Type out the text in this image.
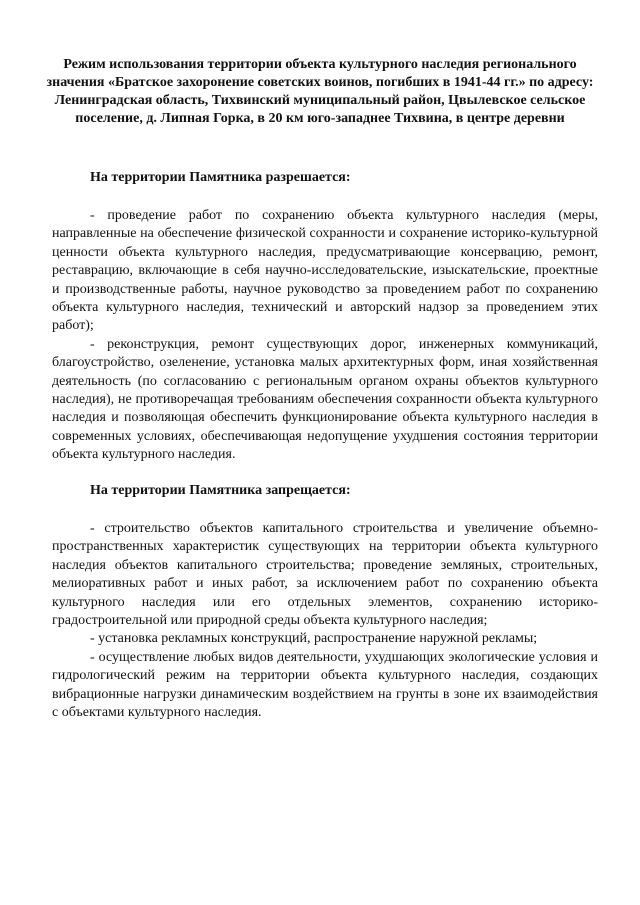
Режим использования территории объекта культурного наследия регионального значения «Братское захоронение советских воинов, погибших в 1941-44 гг.» по адресу: Ленинградская область, Тихвинский муниципальный район, Цвылевское сельское поселение, д. Липная Горка, в 20 км юго-западнее Тихвина, в центре деревни
На территории Памятника разрешается:

- проведение работ по сохранению объекта культурного наследия (меры, направленные на обеспечение физической сохранности и сохранение историко-культурной ценности объекта культурного наследия, предусматривающие консервацию, ремонт, реставрацию, включающие в себя научно-исследовательские, изыскательские, проектные и производственные работы, научное руководство за проведением работ по сохранению объекта культурного наследия, технический и авторский надзор за проведением этих работ);

- реконструкция, ремонт существующих дорог, инженерных коммуникаций, благоустройство, озеленение, установка малых архитектурных форм, иная хозяйственная деятельность (по согласованию с региональным органом охраны объектов культурного наследия), не противоречащая требованиям обеспечения сохранности объекта культурного наследия и позволяющая обеспечить функционирование объекта культурного наследия в современных условиях, обеспечивающая недопущение ухудшения состояния территории объекта культурного наследия.

На территории Памятника запрещается:

- строительство объектов капитального строительства и увеличение объемно-пространственных характеристик существующих на территории объекта культурного наследия объектов капитального строительства; проведение земляных, строительных, мелиоративных работ и иных работ, за исключением работ по сохранению объекта культурного наследия или его отдельных элементов, сохранению историко-градостроительной или природной среды объекта культурного наследия;

- установка рекламных конструкций, распространение наружной рекламы;

- осуществление любых видов деятельности, ухудшающих экологические условия и гидрологический режим на территории объекта культурного наследия, создающих вибрационные нагрузки динамическим воздействием на грунты в зоне их взаимодействия с объектами культурного наследия.
